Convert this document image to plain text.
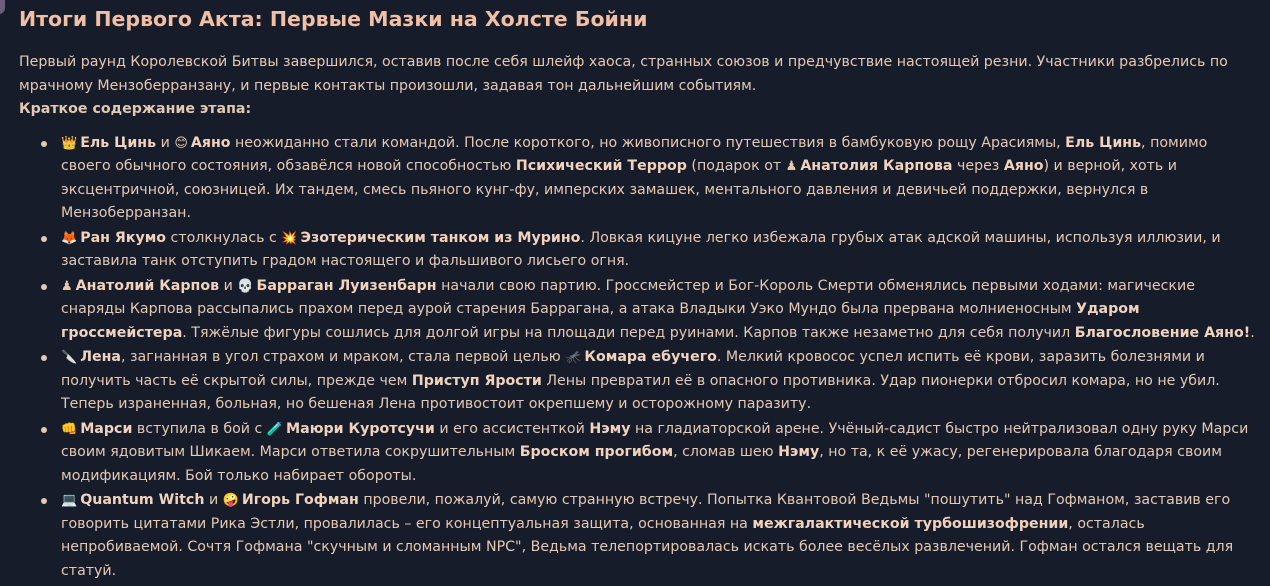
Итоги Первого Акта: Первые Мазки на Холсте Бойни

Первый раунд Королевской Битвы завершился, оставив после себя шлейф хаоса, странных союзов и предчувствие настоящей резни. Участники разбрелись по мрачному Мензоберранзану, и первые контакты произошли, задавая тон дальнейшим событиям.

Краткое содержание этапа:

👑 Ель Цинь и 😊 Аяно неожиданно стали командой. После короткого, но живописного путешествия в бамбуковую рощу Арасиямы, Ель Цинь, помимо своего обычного состояния, обзавёлся новой способностью Психический Террор (подарок от ♟ Анатолия Карпова через Аяно) и верной, хоть и эксцентричной, союзницей. Их тандем, смесь пьяного кунг-фу, имперских замашек, ментального давления и девичьей поддержки, вернулся в Мензоберранзан.
🦊 Ран Якумо столкнулась с 💥 Эзотерическим танком из Мурино. Ловкая кицуне легко избежала грубых атак адской машины, используя иллюзии, и заставила танк отступить градом настоящего и фальшивого лисьего огня.
♟ Анатолий Карпов и 💀 Барраган Луизенбарн начали свою партию. Гроссмейстер и Бог-Король Смерти обменялись первыми ходами: магические снаряды Карпова рассыпались прахом перед аурой старения Баррагана, а атака Владыки Уэко Мундо была прервана молниеносным Ударом гроссмейстера. Тяжёлые фигуры сошлись для долгой игры на площади перед руинами. Карпов также незаметно для себя получил Благословение Аяно!.
🔪 Лена, загнанная в угол страхом и мраком, стала первой целью 🦟 Комара ебучего. Мелкий кровосос успел испить её крови, заразить болезнями и получить часть её скрытой силы, прежде чем Приступ Ярости Лены превратил её в опасного противника. Удар пионерки отбросил комара, но не убил. Теперь израненная, больная, но бешеная Лена противостоит окрепшему и осторожному паразиту.
👊 Марси вступила в бой с 🧪 Маюри Куротсучи и его ассистенткой Нэму на гладиаторской арене. Учёный-садист быстро нейтрализовал одну руку Марси своим ядовитым Шикаем. Марси ответила сокрушительным Броском прогибом, сломав шею Нэму, но та, к её ужасу, регенерировала благодаря своим модификациям. Бой только набирает обороты.
💻 Quantum Witch и 🤪 Игорь Гофман провели, пожалуй, самую странную встречу. Попытка Квантовой Ведьмы "пошутить" над Гофманом, заставив его говорить цитатами Рика Эстли, провалилась – его концептуальная защита, основанная на межгалактической турбошизофрении, осталась непробиваемой. Сочтя Гофмана "скучным и сломанным NPC", Ведьма телепортировалась искать более весёлых развлечений. Гофман остался вещать для статуй.
